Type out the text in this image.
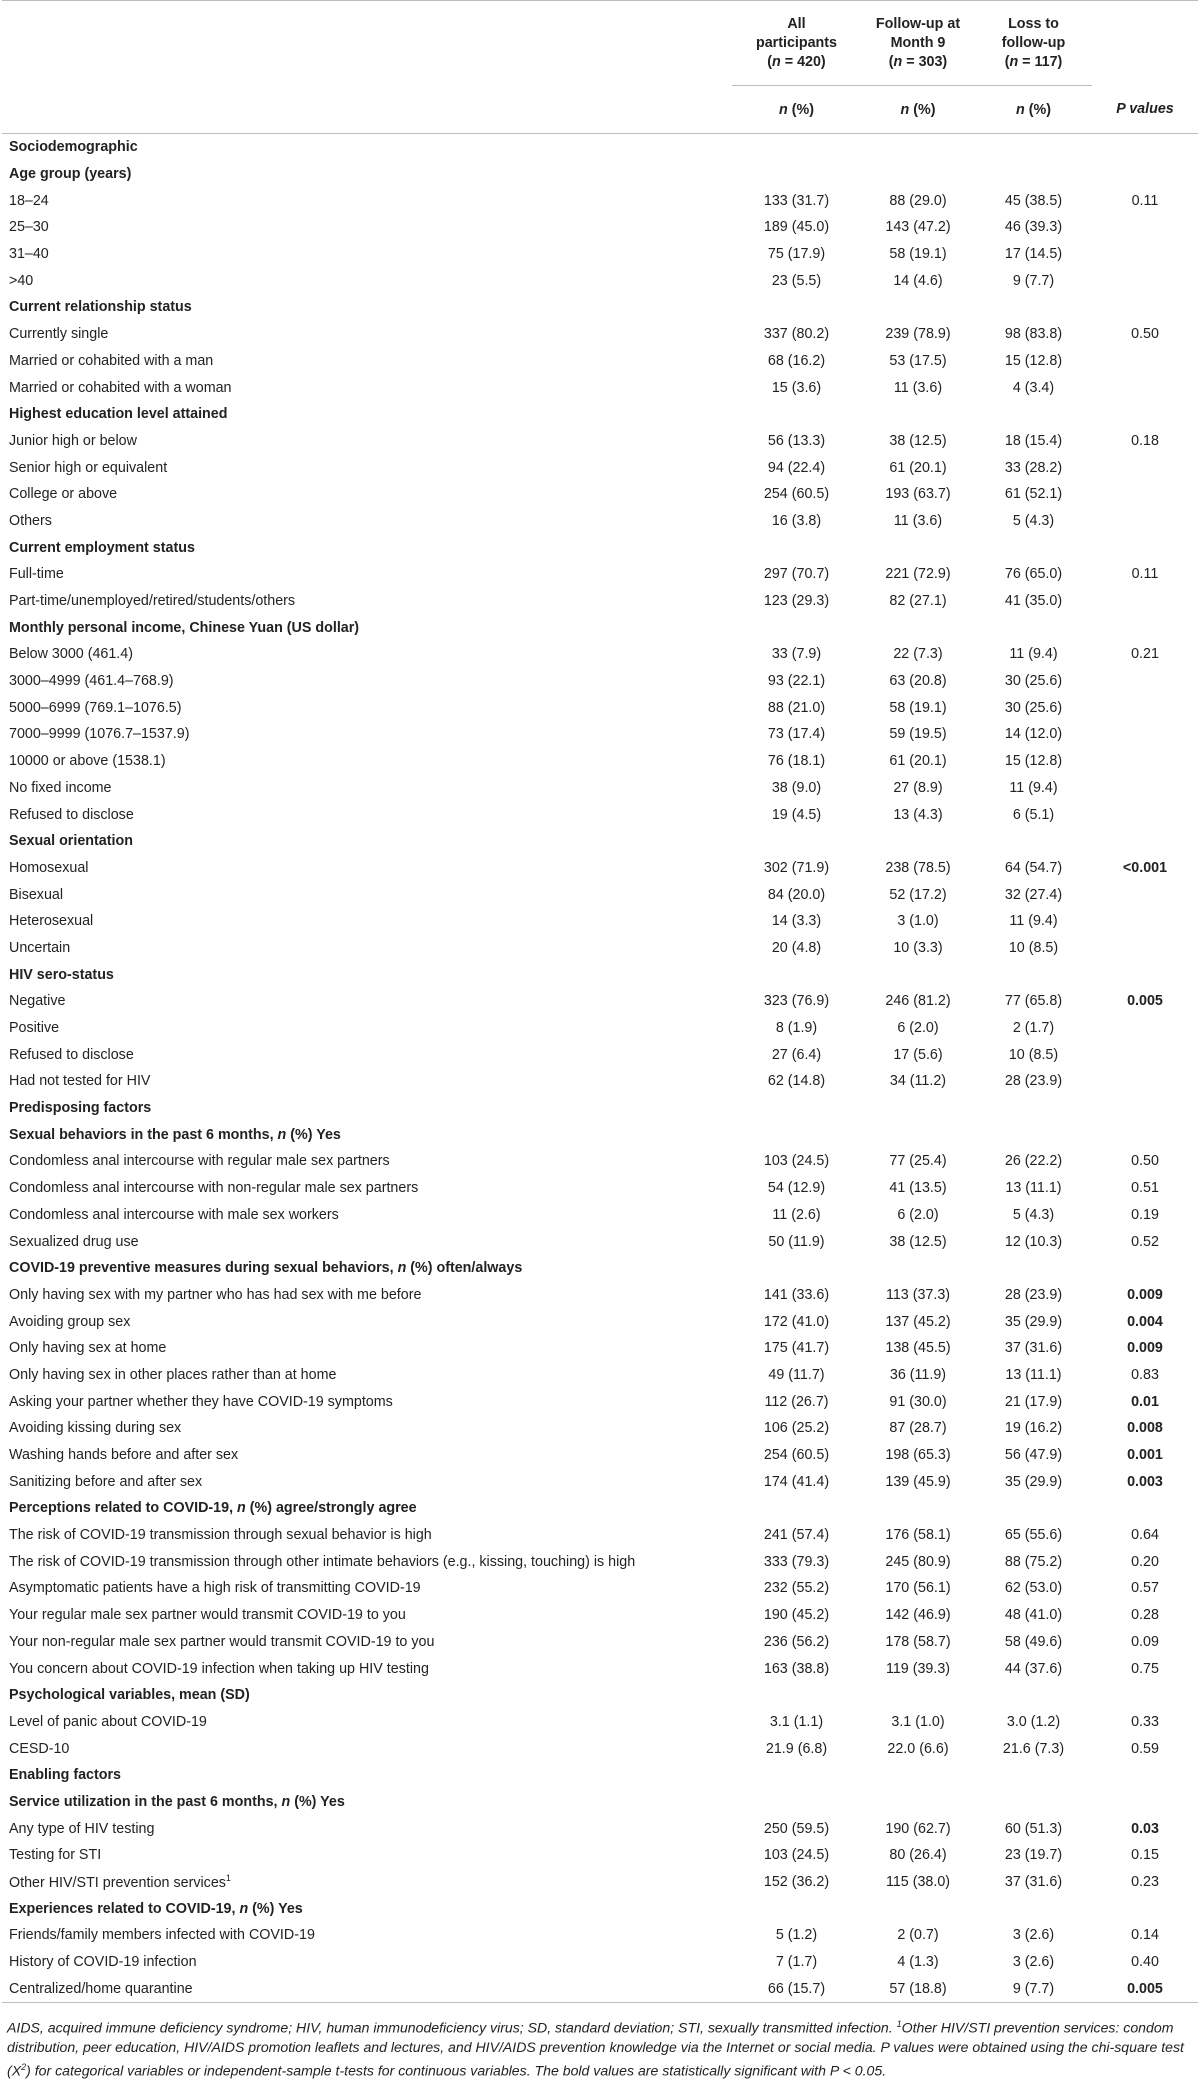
	All
participants
(n = 420)	Follow-up at
Month 9
(n = 303)	Loss to
follow-up
(n = 117)	
	n (%)	n (%)	n (%)	P values
Sociodemographic				
Age group (years)				
18–24	133 (31.7)	88 (29.0)	45 (38.5)	0.11
25–30	189 (45.0)	143 (47.2)	46 (39.3)	
31–40	75 (17.9)	58 (19.1)	17 (14.5)	
>40	23 (5.5)	14 (4.6)	9 (7.7)	
Current relationship status				
Currently single	337 (80.2)	239 (78.9)	98 (83.8)	0.50
Married or cohabited with a man	68 (16.2)	53 (17.5)	15 (12.8)	
Married or cohabited with a woman	15 (3.6)	11 (3.6)	4 (3.4)	
Highest education level attained				
Junior high or below	56 (13.3)	38 (12.5)	18 (15.4)	0.18
Senior high or equivalent	94 (22.4)	61 (20.1)	33 (28.2)	
College or above	254 (60.5)	193 (63.7)	61 (52.1)	
Others	16 (3.8)	11 (3.6)	5 (4.3)	
Current employment status				
Full-time	297 (70.7)	221 (72.9)	76 (65.0)	0.11
Part-time/unemployed/retired/students/others	123 (29.3)	82 (27.1)	41 (35.0)	
Monthly personal income, Chinese Yuan (US dollar)				
Below 3000 (461.4)	33 (7.9)	22 (7.3)	11 (9.4)	0.21
3000–4999 (461.4–768.9)	93 (22.1)	63 (20.8)	30 (25.6)	
5000–6999 (769.1–1076.5)	88 (21.0)	58 (19.1)	30 (25.6)	
7000–9999 (1076.7–1537.9)	73 (17.4)	59 (19.5)	14 (12.0)	
10000 or above (1538.1)	76 (18.1)	61 (20.1)	15 (12.8)	
No fixed income	38 (9.0)	27 (8.9)	11 (9.4)	
Refused to disclose	19 (4.5)	13 (4.3)	6 (5.1)	
Sexual orientation				
Homosexual	302 (71.9)	238 (78.5)	64 (54.7)	<0.001
Bisexual	84 (20.0)	52 (17.2)	32 (27.4)	
Heterosexual	14 (3.3)	3 (1.0)	11 (9.4)	
Uncertain	20 (4.8)	10 (3.3)	10 (8.5)	
HIV sero-status				
Negative	323 (76.9)	246 (81.2)	77 (65.8)	0.005
Positive	8 (1.9)	6 (2.0)	2 (1.7)	
Refused to disclose	27 (6.4)	17 (5.6)	10 (8.5)	
Had not tested for HIV	62 (14.8)	34 (11.2)	28 (23.9)	
Predisposing factors				
Sexual behaviors in the past 6 months, n (%) Yes				
Condomless anal intercourse with regular male sex partners	103 (24.5)	77 (25.4)	26 (22.2)	0.50
Condomless anal intercourse with non-regular male sex partners	54 (12.9)	41 (13.5)	13 (11.1)	0.51
Condomless anal intercourse with male sex workers	11 (2.6)	6 (2.0)	5 (4.3)	0.19
Sexualized drug use	50 (11.9)	38 (12.5)	12 (10.3)	0.52
COVID-19 preventive measures during sexual behaviors, n (%) often/always				
Only having sex with my partner who has had sex with me before	141 (33.6)	113 (37.3)	28 (23.9)	0.009
Avoiding group sex	172 (41.0)	137 (45.2)	35 (29.9)	0.004
Only having sex at home	175 (41.7)	138 (45.5)	37 (31.6)	0.009
Only having sex in other places rather than at home	49 (11.7)	36 (11.9)	13 (11.1)	0.83
Asking your partner whether they have COVID-19 symptoms	112 (26.7)	91 (30.0)	21 (17.9)	0.01
Avoiding kissing during sex	106 (25.2)	87 (28.7)	19 (16.2)	0.008
Washing hands before and after sex	254 (60.5)	198 (65.3)	56 (47.9)	0.001
Sanitizing before and after sex	174 (41.4)	139 (45.9)	35 (29.9)	0.003
Perceptions related to COVID-19, n (%) agree/strongly agree				
The risk of COVID-19 transmission through sexual behavior is high	241 (57.4)	176 (58.1)	65 (55.6)	0.64
The risk of COVID-19 transmission through other intimate behaviors (e.g., kissing, touching) is high	333 (79.3)	245 (80.9)	88 (75.2)	0.20
Asymptomatic patients have a high risk of transmitting COVID-19	232 (55.2)	170 (56.1)	62 (53.0)	0.57
Your regular male sex partner would transmit COVID-19 to you	190 (45.2)	142 (46.9)	48 (41.0)	0.28
Your non-regular male sex partner would transmit COVID-19 to you	236 (56.2)	178 (58.7)	58 (49.6)	0.09
You concern about COVID-19 infection when taking up HIV testing	163 (38.8)	119 (39.3)	44 (37.6)	0.75
Psychological variables, mean (SD)				
Level of panic about COVID-19	3.1 (1.1)	3.1 (1.0)	3.0 (1.2)	0.33
CESD-10	21.9 (6.8)	22.0 (6.6)	21.6 (7.3)	0.59
Enabling factors				
Service utilization in the past 6 months, n (%) Yes				
Any type of HIV testing	250 (59.5)	190 (62.7)	60 (51.3)	0.03
Testing for STI	103 (24.5)	80 (26.4)	23 (19.7)	0.15
Other HIV/STI prevention services$^1$	152 (36.2)	115 (38.0)	37 (31.6)	0.23
Experiences related to COVID-19, n (%) Yes				
Friends/family members infected with COVID-19	5 (1.2)	2 (0.7)	3 (2.6)	0.14
History of COVID-19 infection	7 (1.7)	4 (1.3)	3 (2.6)	0.40
Centralized/home quarantine	66 (15.7)	57 (18.8)	9 (7.7)	0.005
AIDS, acquired immune deficiency syndrome; HIV, human immunodeficiency virus; SD, standard deviation; STI, sexually transmitted infection. $^1$Other HIV/STI prevention services: condom distribution, peer education, HIV/AIDS promotion leaflets and lectures, and HIV/AIDS prevention knowledge via the Internet or social media. P values were obtained using the chi-square test $(X^2)$ for categorical variables or independent-sample t-tests for continuous variables. The bold values are statistically significant with P < 0.05.
